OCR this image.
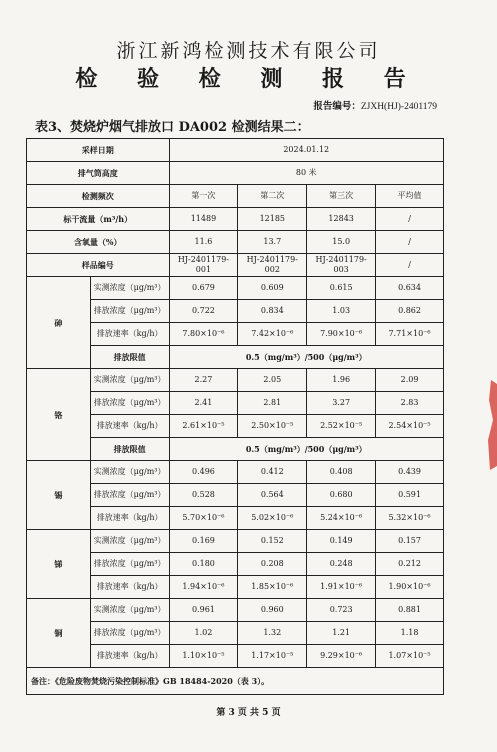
浙江新鸿检测技术有限公司
检 验 检 测 报 告
报告编号：ZJXH(HJ)-2401179
表3、焚烧炉烟气排放口 DA002 检测结果二：
采样日期		2024.01.12			
排气筒高度		80 米			
检测频次		第一次	第二次	第三次	平均值
标干流量（m³/h）		11489	12185	12843	/
含氧量（%）		11.6	13.7	15.0	/
样品编号		HJ-2401179-001	HJ-2401179-002	HJ-2401179-003	/
砷	实测浓度（μg/m³）	0.679	0.609	0.615	0.634
	排放浓度（μg/m³）	0.722	0.834	1.03	0.862
	排放速率（kg/h）	7.80×10⁻⁶	7.42×10⁻⁶	7.90×10⁻⁶	7.71×10⁻⁶
	排放限值	0.5（mg/m³）/500（μg/m³）			
铬	实测浓度（μg/m³）	2.27	2.05	1.96	2.09
	排放浓度（μg/m³）	2.41	2.81	3.27	2.83
	排放速率（kg/h）	2.61×10⁻⁵	2.50×10⁻⁵	2.52×10⁻⁵	2.54×10⁻⁵
	排放限值	0.5（mg/m³）/500（μg/m³）			
锡	实测浓度（μg/m³）	0.496	0.412	0.408	0.439
	排放浓度（μg/m³）	0.528	0.564	0.680	0.591
	排放速率（kg/h）	5.70×10⁻⁶	5.02×10⁻⁶	5.24×10⁻⁶	5.32×10⁻⁶
锑	实测浓度（μg/m³）	0.169	0.152	0.149	0.157
	排放浓度（μg/m³）	0.180	0.208	0.248	0.212
	排放速率（kg/h）	1.94×10⁻⁶	1.85×10⁻⁶	1.91×10⁻⁶	1.90×10⁻⁶
铜	实测浓度（μg/m³）	0.961	0.960	0.723	0.881
	排放浓度（μg/m³）	1.02	1.32	1.21	1.18
	排放速率（kg/h）	1.10×10⁻⁵	1.17×10⁻⁵	9.29×10⁻⁶	1.07×10⁻⁵
备注：《危险废物焚烧污染控制标准》GB 18484-2020（表 3）。					
第 3 页 共 5 页
